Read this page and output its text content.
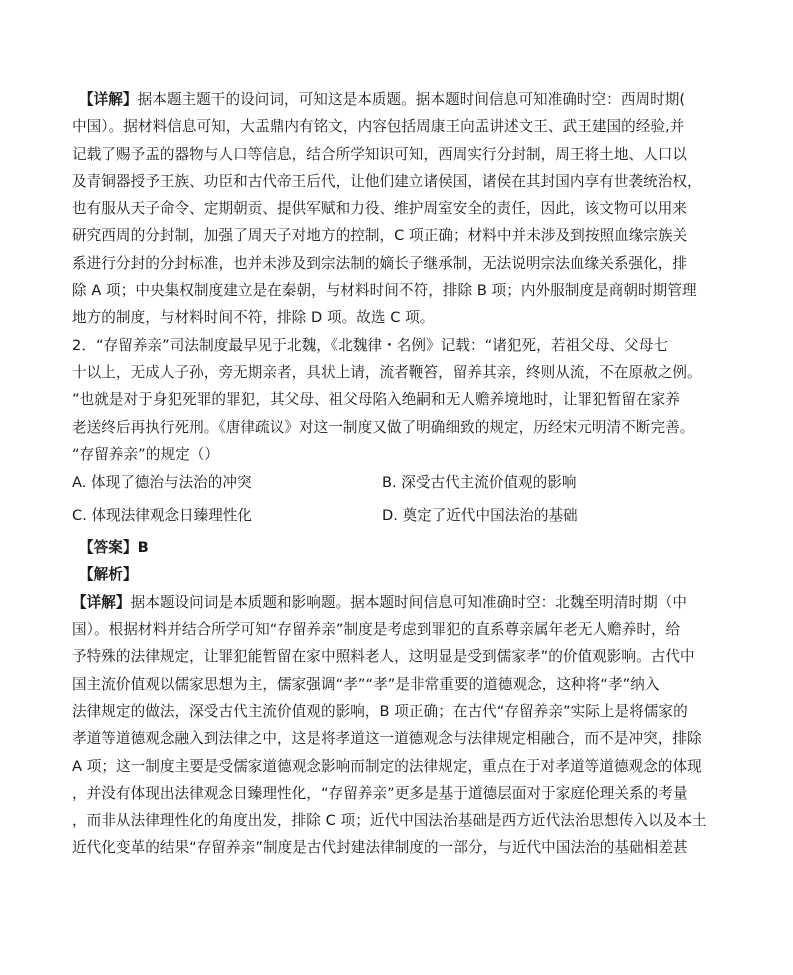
【详解】据本题主题干的设问词，可知这是本质题。据本题时间信息可知准确时空：西周时期(
中国）。据材料信息可知，大盂鼎内有铭文，内容包括周康王向盂讲述文王、武王建国的经验,并
记载了赐予盂的器物与人口等信息，结合所学知识可知，西周实行分封制，周王将土地、人口以
及青铜器授予王族、功臣和古代帝王后代，让他们建立诸侯国，诸侯在其封国内享有世袭统治权，
也有服从天子命令、定期朝贡、提供军赋和力役、维护周室安全的责任，因此，该文物可以用来
研究西周的分封制，加强了周天子对地方的控制，C 项正确；材料中并未涉及到按照血缘宗族关
系进行分封的分封标准，也并未涉及到宗法制的嫡长子继承制，无法说明宗法血缘关系强化，排
除 A 项；中央集权制度建立是在秦朝，与材料时间不符，排除 B 项；内外服制度是商朝时期管理
地方的制度，与材料时间不符，排除 D 项。故选 C 项。

2．“存留养亲”司法制度最早见于北魏，《北魏律・名例》记载：“诸犯死，若祖父母、父母七
十以上，无成人子孙，旁无期亲者，具状上请，流者鞭笞，留养其亲，终则从流，不在原赦之例。
”也就是对于身犯死罪的罪犯，其父母、祖父母陷入绝嗣和无人赡养境地时，让罪犯暂留在家养
老送终后再执行死刑。《唐律疏议》对这一制度又做了明确细致的规定，历经宋元明清不断完善。
“存留养亲”的规定（）

A. 体现了德治与法治的冲突	B. 深受古代主流价值观的影响
C. 体现法律观念日臻理性化	D. 奠定了近代中国法治的基础

【答案】B
【解析】

【详解】据本题设问词是本质题和影响题。据本题时间信息可知准确时空：北魏至明清时期（中
国）。根据材料并结合所学可知“存留养亲”制度是考虑到罪犯的直系尊亲属年老无人赡养时，给
予特殊的法律规定，让罪犯能暂留在家中照料老人，这明显是受到儒家孝”的价值观影响。古代中
国主流价值观以儒家思想为主，儒家强调“孝”“孝”是非常重要的道德观念，这种将“孝”纳入
法律规定的做法，深受古代主流价值观的影响，B 项正确；在古代“存留养亲”实际上是将儒家的
孝道等道德观念融入到法律之中，这是将孝道这一道德观念与法律规定相融合，而不是冲突，排除
A 项；这一制度主要是受儒家道德观念影响而制定的法律规定，重点在于对孝道等道德观念的体现
，并没有体现出法律观念日臻理性化，“存留养亲”更多是基于道德层面对于家庭伦理关系的考量
，而非从法律理性化的角度出发，排除 C 项；近代中国法治基础是西方近代法治思想传入以及本土
近代化变革的结果“存留养亲”制度是古代封建法律制度的一部分，与近代中国法治的基础相差甚
